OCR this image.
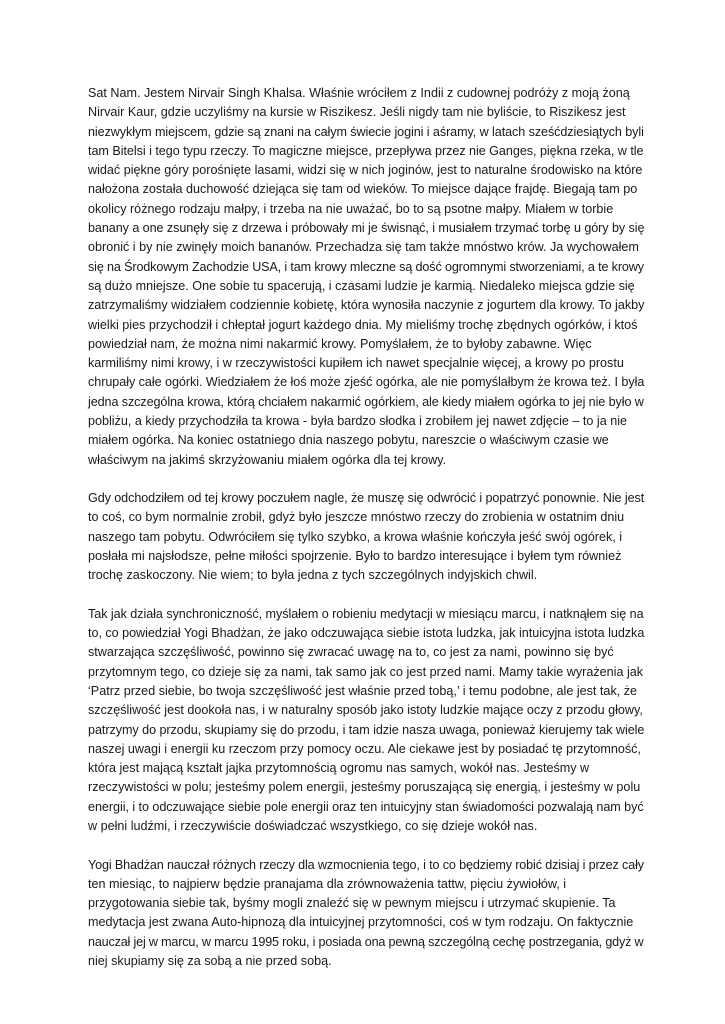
Sat Nam. Jestem Nirvair Singh Khalsa. Właśnie wróciłem z Indii z cudownej podróży z moją żoną
Nirvair Kaur, gdzie uczyliśmy na kursie w Riszikesz. Jeśli nigdy tam nie byliście, to Riszikesz jest
niezwykłym miejscem, gdzie są znani na całym świecie jogini i aśramy, w latach sześćdziesiątych byli
tam Bitelsi i tego typu rzeczy. To magiczne miejsce, przepływa przez nie Ganges, piękna rzeka, w tle
widać piękne góry porośnięte lasami, widzi się w nich joginów, jest to naturalne środowisko na które
nałożona została duchowość dziejąca się tam od wieków. To miejsce dające frajdę. Biegają tam po
okolicy różnego rodzaju małpy, i trzeba na nie uważać, bo to są psotne małpy. Miałem w torbie
banany a one zsunęły się z drzewa i próbowały mi je świsnąć, i musiałem trzymać torbę u góry by się
obronić i by nie zwinęły moich bananów. Przechadza się tam także mnóstwo krów. Ja wychowałem
się na Środkowym Zachodzie USA, i tam krowy mleczne są dość ogromnymi stworzeniami, a te krowy
są dużo mniejsze. One sobie tu spacerują, i czasami ludzie je karmią. Niedaleko miejsca gdzie się
zatrzymaliśmy widziałem codziennie kobietę, która wynosiła naczynie z jogurtem dla krowy. To jakby
wielki pies przychodził i chłeptał jogurt każdego dnia. My mieliśmy trochę zbędnych ogórków, i ktoś
powiedział nam, że można nimi nakarmić krowy. Pomyślałem, że to byłoby zabawne. Więc
karmiliśmy nimi krowy, i w rzeczywistości kupiłem ich nawet specjalnie więcej, a krowy po prostu
chrupały całe ogórki. Wiedziałem że łoś może zjeść ogórka, ale nie pomyślałbym że krowa też. I była
jedna szczególna krowa, którą chciałem nakarmić ogórkiem, ale kiedy miałem ogórka to jej nie było w
pobliżu, a kiedy przychodziła ta krowa - była bardzo słodka i zrobiłem jej nawet zdjęcie – to ja nie
miałem ogórka. Na koniec ostatniego dnia naszego pobytu, nareszcie o właściwym czasie we
właściwym na jakimś skrzyżowaniu miałem ogórka dla tej krowy.

Gdy odchodziłem od tej krowy poczułem nagle, że muszę się odwrócić i popatrzyć ponownie. Nie jest
to coś, co bym normalnie zrobił, gdyż było jeszcze mnóstwo rzeczy do zrobienia w ostatnim dniu
naszego tam pobytu. Odwróciłem się tylko szybko, a krowa właśnie kończyła jeść swój ogórek, i
posłała mi najsłodsze, pełne miłości spojrzenie. Było to bardzo interesujące i byłem tym również
trochę zaskoczony. Nie wiem; to była jedna z tych szczególnych indyjskich chwil.

Tak jak działa synchroniczność, myślałem o robieniu medytacji w miesiącu marcu, i natknąłem się na
to, co powiedział Yogi Bhadżan, że jako odczuwająca siebie istota ludzka, jak intuicyjna istota ludzka
stwarzająca szczęśliwość, powinno się zwracać uwagę na to, co jest za nami, powinno się być
przytomnym tego, co dzieje się za nami, tak samo jak co jest przed nami. Mamy takie wyrażenia jak
‘Patrz przed siebie, bo twoja szczęśliwość jest właśnie przed tobą,’ i temu podobne, ale jest tak, że
szczęśliwość jest dookoła nas, i w naturalny sposób jako istoty ludzkie mające oczy z przodu głowy,
patrzymy do przodu, skupiamy się do przodu, i tam idzie nasza uwaga, ponieważ kierujemy tak wiele
naszej uwagi i energii ku rzeczom przy pomocy oczu. Ale ciekawe jest by posiadać tę przytomność,
która jest mającą kształt jajka przytomnością ogromu nas samych, wokół nas. Jesteśmy w
rzeczywistości w polu; jesteśmy polem energii, jesteśmy poruszającą się energią, i jesteśmy w polu
energii, i to odczuwające siebie pole energii oraz ten intuicyjny stan świadomości pozwalają nam być
w pełni ludźmi, i rzeczywiście doświadczać wszystkiego, co się dzieje wokół nas.

Yogi Bhadżan nauczał różnych rzeczy dla wzmocnienia tego, i to co będziemy robić dzisiaj i przez cały
ten miesiąc, to najpierw będzie pranajama dla zrównoważenia tattw, pięciu żywiołów, i
przygotowania siebie tak, byśmy mogli znaleźć się w pewnym miejscu i utrzymać skupienie. Ta
medytacja jest zwana Auto-hipnozą dla intuicyjnej przytomności, coś w tym rodzaju. On faktycznie
nauczał jej w marcu, w marcu 1995 roku, i posiada ona pewną szczególną cechę postrzegania, gdyż w
niej skupiamy się za sobą a nie przed sobą.
